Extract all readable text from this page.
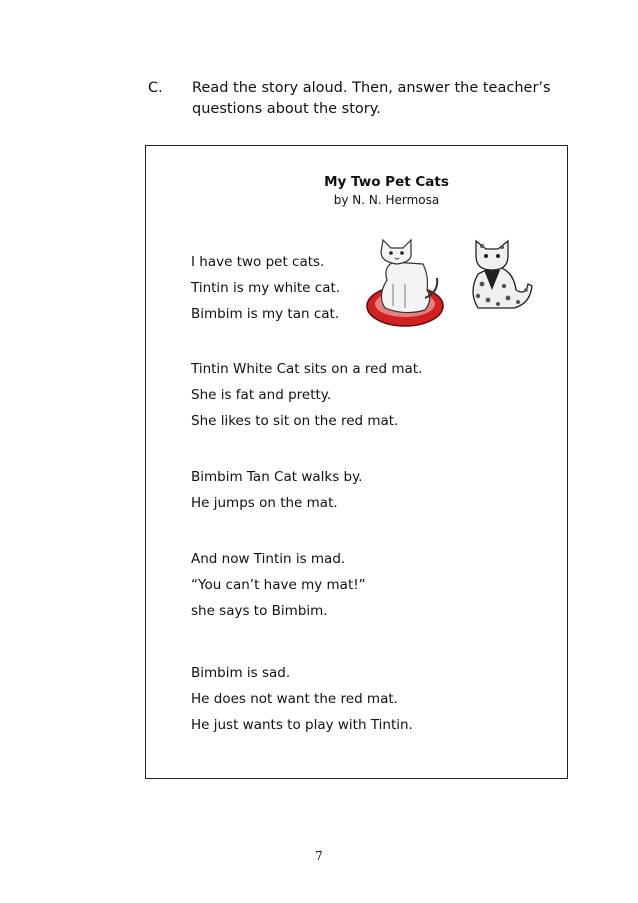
C. Read the story aloud. Then, answer the teacher’s questions about the story.
My Two Pet Cats
by N. N. Hermosa
I have two pet cats.
Tintin is my white cat.
Bimbim is my tan cat.
Tintin White Cat sits on a red mat.
She is fat and pretty.
She likes to sit on the red mat.
Bimbim Tan Cat walks by.
He jumps on the mat.
And now Tintin is mad.
“You can’t have my mat!”
she says to Bimbim.
Bimbim is sad.
He does not want the red mat.
He just wants to play with Tintin.
7
